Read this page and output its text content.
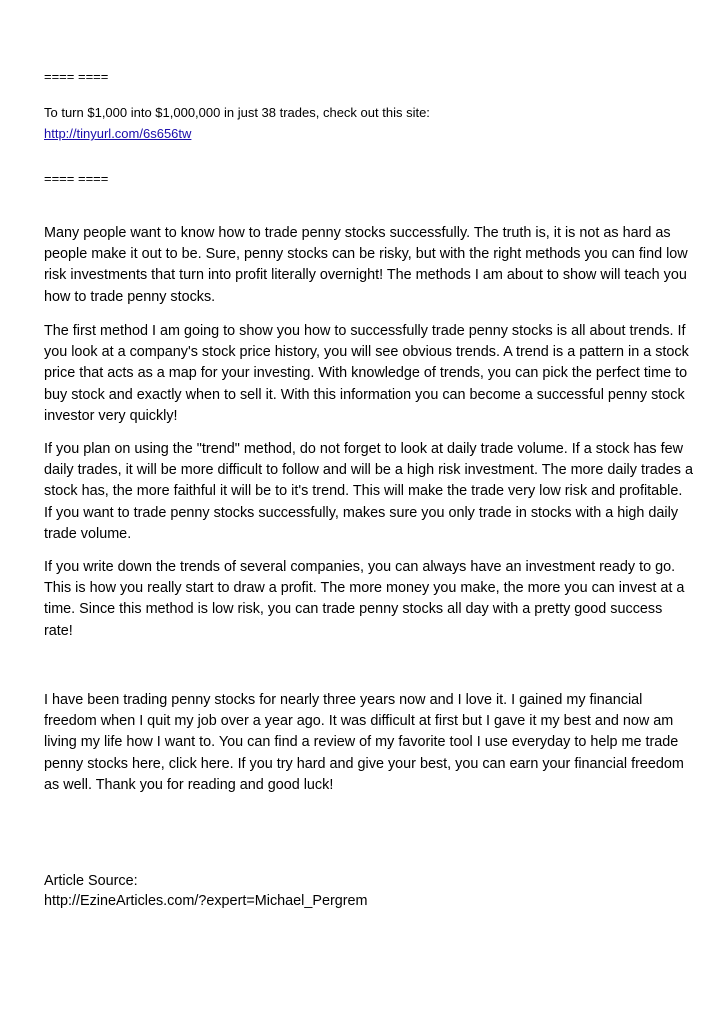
==== ====
To turn $1,000 into $1,000,000 in just 38 trades, check out this site:
http://tinyurl.com/6s656tw
==== ====

Many people want to know how to trade penny stocks successfully. The truth is, it is not as hard as people make it out to be. Sure, penny stocks can be risky, but with the right methods you can find low risk investments that turn into profit literally overnight! The methods I am about to show will teach you how to trade penny stocks.

The first method I am going to show you how to successfully trade penny stocks is all about trends. If you look at a company's stock price history, you will see obvious trends. A trend is a pattern in a stock price that acts as a map for your investing. With knowledge of trends, you can pick the perfect time to buy stock and exactly when to sell it. With this information you can become a successful penny stock investor very quickly!

If you plan on using the "trend" method, do not forget to look at daily trade volume. If a stock has few daily trades, it will be more difficult to follow and will be a high risk investment. The more daily trades a stock has, the more faithful it will be to it's trend. This will make the trade very low risk and profitable. If you want to trade penny stocks successfully, makes sure you only trade in stocks with a high daily trade volume.

If you write down the trends of several companies, you can always have an investment ready to go. This is how you really start to draw a profit. The more money you make, the more you can invest at a time. Since this method is low risk, you can trade penny stocks all day with a pretty good success rate!

I have been trading penny stocks for nearly three years now and I love it. I gained my financial freedom when I quit my job over a year ago. It was difficult at first but I gave it my best and now am living my life how I want to. You can find a review of my favorite tool I use everyday to help me trade penny stocks here, click here. If you try hard and give your best, you can earn your financial freedom as well. Thank you for reading and good luck!

Article Source:
http://EzineArticles.com/?expert=Michael_Pergrem
